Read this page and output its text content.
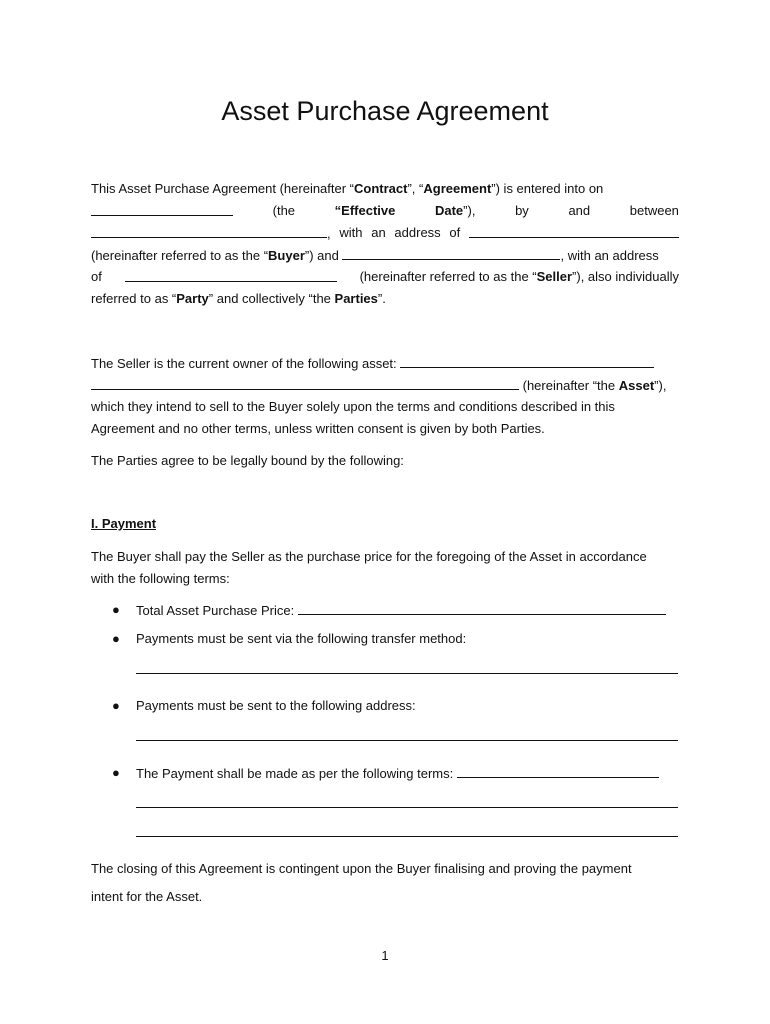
Asset Purchase Agreement
This Asset Purchase Agreement (hereinafter “Contract”, “Agreement”) is entered into on
(the	“Effective	Date”),	by	and	between
, with an address of
(hereinafter referred to as the “Buyer”) and	, with an address
of	(hereinafter referred to as the “Seller”), also individually
referred to as “Party” and collectively “the Parties”.
The Seller is the current owner of the following asset:
(hereinafter “the Asset”),
which they intend to sell to the Buyer solely upon the terms and conditions described in this
Agreement and no other terms, unless written consent is given by both Parties.
The Parties agree to be legally bound by the following:
I. Payment
The Buyer shall pay the Seller as the purchase price for the foregoing of the Asset in accordance
with the following terms:
● Total Asset Purchase Price:
● Payments must be sent via the following transfer method:
● Payments must be sent to the following address:
● The Payment shall be made as per the following terms:
The closing of this Agreement is contingent upon the Buyer finalising and proving the payment
intent for the Asset.
1
